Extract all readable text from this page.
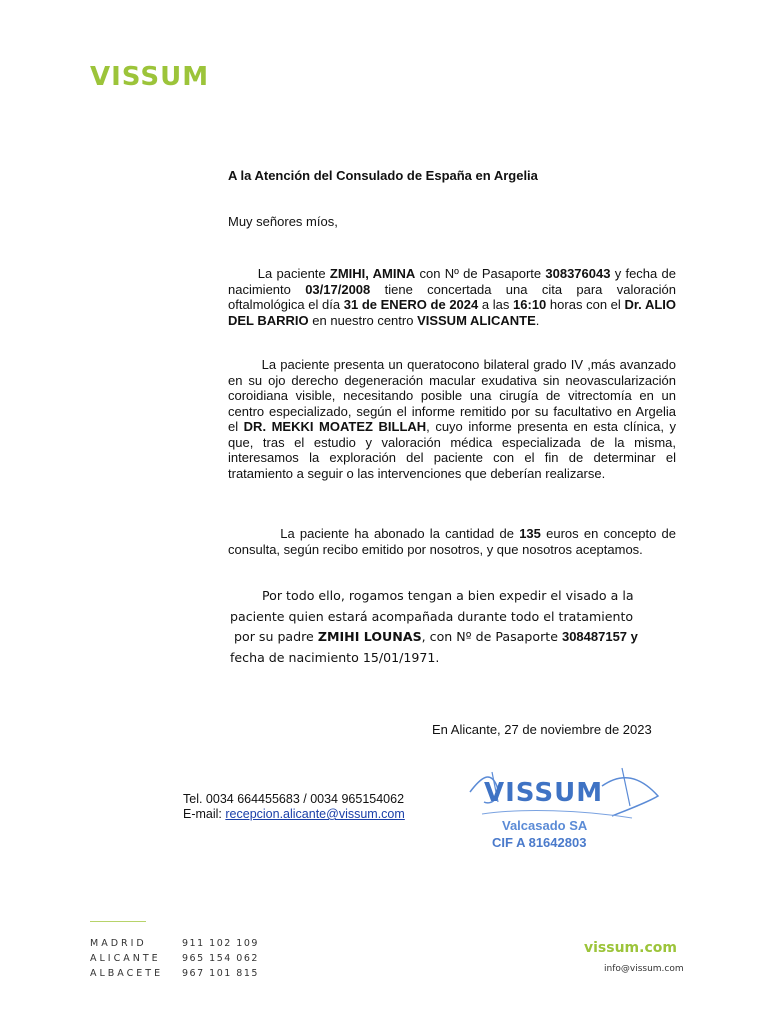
VISSUM
A la Atención del Consulado de España en Argelia
Muy señores míos,
La paciente ZMIHI, AMINA con Nº de Pasaporte 308376043 y fecha de nacimiento 03/17/2008 tiene concertada una cita para valoración oftalmológica el día 31 de ENERO de 2024 a las 16:10 horas con el Dr. ALIO DEL BARRIO en nuestro centro VISSUM ALICANTE.
La paciente presenta un queratocono bilateral grado IV ,más avanzado en su ojo derecho degeneración macular exudativa sin neovascularización coroidiana visible, necesitando posible una cirugía de vitrectomía en un centro especializado, según el informe remitido por su facultativo en Argelia el DR. MEKKI MOATEZ BILLAH, cuyo informe presenta en esta clínica, y que, tras el estudio y valoración médica especializada de la misma, interesamos la exploración del paciente con el fin de determinar el tratamiento a seguir o las intervenciones que deberían realizarse.
La paciente ha abonado la cantidad de 135 euros en concepto de consulta, según recibo emitido por nosotros, y que nosotros aceptamos.
Por todo ello, rogamos tengan a bien expedir el visado a la
paciente quien estará acompañada durante todo el tratamiento
por su padre ZMIHI LOUNAS, con Nº de Pasaporte 308487157 y
fecha de nacimiento 15/01/1971.
En Alicante, 27 de noviembre de 2023
Tel. 0034 664455683 / 0034 965154062
E-mail: recepcion.alicante@vissum.com
VISSUM
Valcasado SA
CIF A 81642803
MADRID	911 102 109
ALICANTE	965 154 062
ALBACETE	967 101 815
vissum.com
info@vissum.com
